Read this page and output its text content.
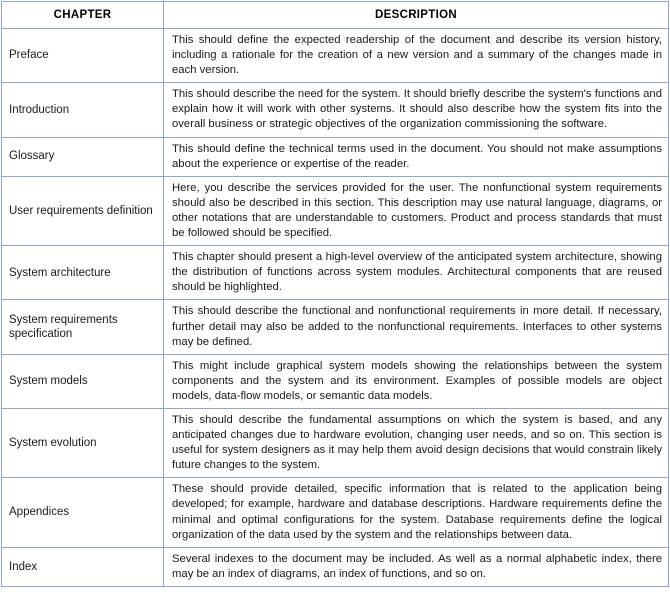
CHAPTER	DESCRIPTION
Preface	This should define the expected readership of the document and describe its version history, including a rationale for the creation of a new version and a summary of the changes made in each version.

Introduction	This should describe the need for the system. It should briefly describe the system's functions and explain how it will work with other systems. It should also describe how the system fits into the overall business or strategic objectives of the organization commissioning the software.

Glossary	This should define the technical terms used in the document. You should not make assumptions about the experience or expertise of the reader.

User requirements definition	Here, you describe the services provided for the user. The nonfunctional system requirements should also be described in this section. This description may use natural language, diagrams, or other notations that are understandable to customers. Product and process standards that must be followed should be specified.

System architecture	This chapter should present a high-level overview of the anticipated system architecture, showing the distribution of functions across system modules. Architectural components that are reused should be highlighted.

System requirements specification	This should describe the functional and nonfunctional requirements in more detail. If necessary, further detail may also be added to the nonfunctional requirements. Interfaces to other systems may be defined.

System models	This might include graphical system models showing the relationships between the system components and the system and its environment. Examples of possible models are object models, data-flow models, or semantic data models.

System evolution	This should describe the fundamental assumptions on which the system is based, and any anticipated changes due to hardware evolution, changing user needs, and so on. This section is useful for system designers as it may help them avoid design decisions that would constrain likely future changes to the system.

Appendices	These should provide detailed, specific information that is related to the application being developed; for example, hardware and database descriptions. Hardware requirements define the minimal and optimal configurations for the system. Database requirements define the logical organization of the data used by the system and the relationships between data.

Index	Several indexes to the document may be included. As well as a normal alphabetic index, there may be an index of diagrams, an index of functions, and so on.
